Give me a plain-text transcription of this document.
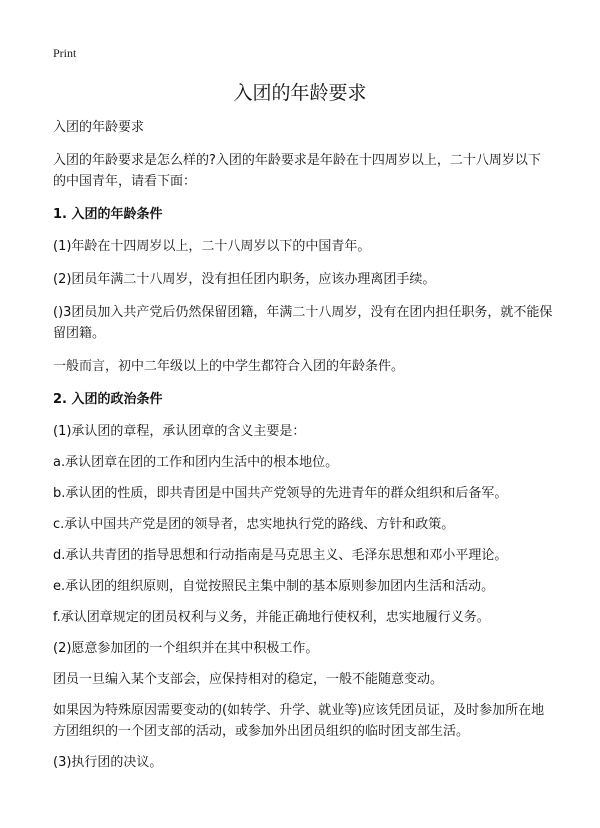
Print
入团的年龄要求

入团的年龄要求

入团的年龄要求是怎么样的?入团的年龄要求是年龄在十四周岁以上，二十八周岁以下的中国青年，请看下面：

1. 入团的年龄条件

(1)年龄在十四周岁以上，二十八周岁以下的中国青年。

(2)团员年满二十八周岁，没有担任团内职务，应该办理离团手续。

()3团员加入共产党后仍然保留团籍，年满二十八周岁，没有在团内担任职务，就不能保留团籍。

一般而言，初中二年级以上的中学生都符合入团的年龄条件。

2. 入团的政治条件

(1)承认团的章程，承认团章的含义主要是：

a.承认团章在团的工作和团内生活中的根本地位。

b.承认团的性质，即共青团是中国共产党领导的先进青年的群众组织和后备军。

c.承认中国共产党是团的领导者，忠实地执行党的路线、方针和政策。

d.承认共青团的指导思想和行动指南是马克思主义、毛泽东思想和邓小平理论。

e.承认团的组织原则，自觉按照民主集中制的基本原则参加团内生活和活动。

f.承认团章规定的团员权利与义务，并能正确地行使权利，忠实地履行义务。

(2)愿意参加团的一个组织并在其中积极工作。

团员一旦编入某个支部会，应保持相对的稳定，一般不能随意变动。

如果因为特殊原因需要变动的(如转学、升学、就业等)应该凭团员证，及时参加所在地方团组织的一个团支部的活动，或参加外出团员组织的临时团支部生活。

(3)执行团的决议。
